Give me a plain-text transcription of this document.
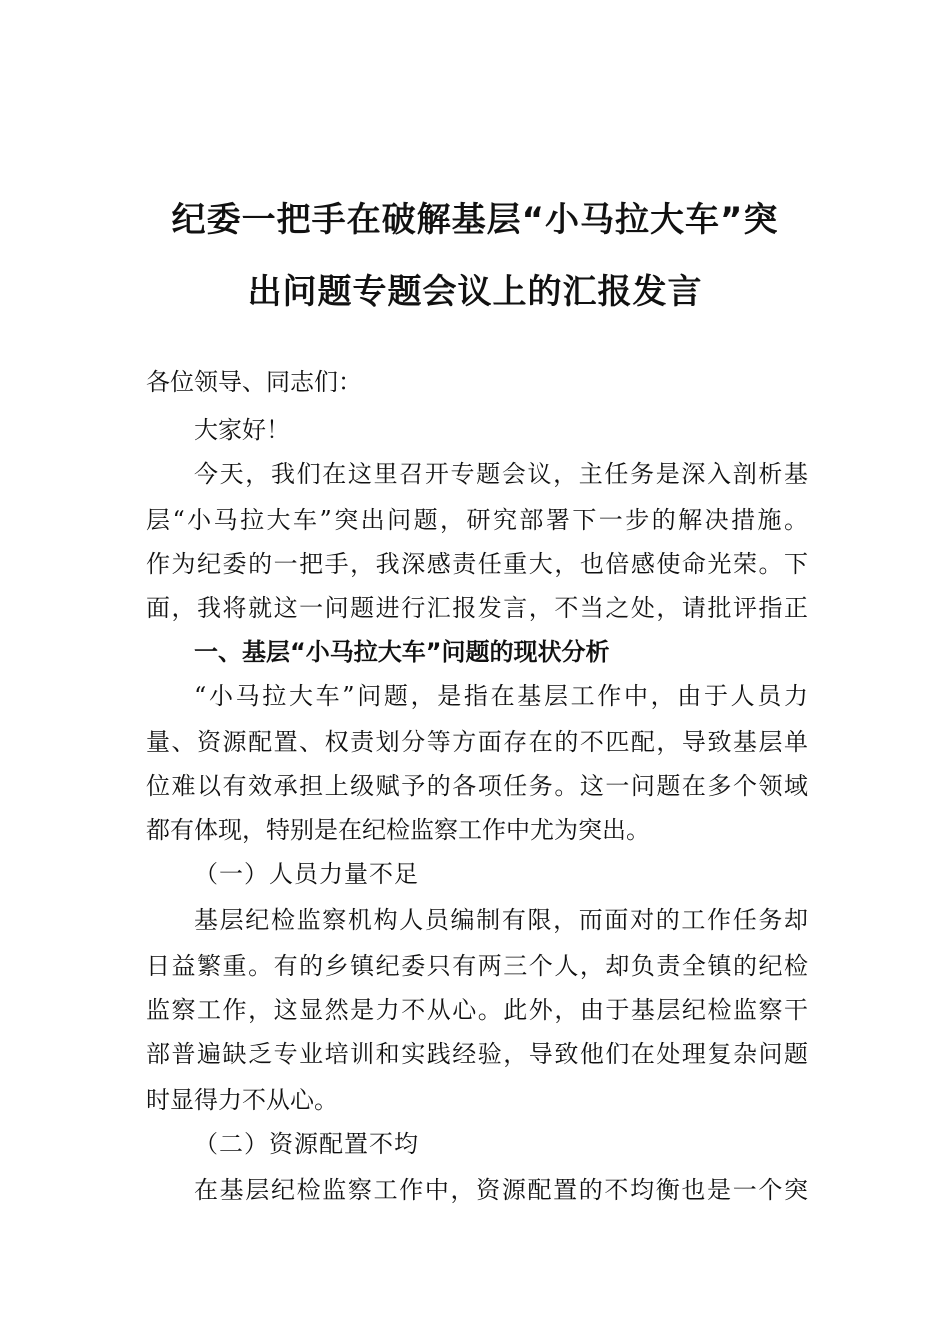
纪委一把手在破解基层“小马拉大车”突
出问题专题会议上的汇报发言
各位领导、同志们：
大家好！
今天，我们在这里召开专题会议，主任务是深入剖析基
层“小马拉大车”突出问题，研究部署下一步的解决措施。
作为纪委的一把手，我深感责任重大，也倍感使命光荣。下
面，我将就这一问题进行汇报发言，不当之处，请批评指正
一、基层“小马拉大车”问题的现状分析
“小马拉大车”问题，是指在基层工作中，由于人员力
量、资源配置、权责划分等方面存在的不匹配，导致基层单
位难以有效承担上级赋予的各项任务。这一问题在多个领域
都有体现，特别是在纪检监察工作中尤为突出。
（一）人员力量不足
基层纪检监察机构人员编制有限，而面对的工作任务却
日益繁重。有的乡镇纪委只有两三个人，却负责全镇的纪检
监察工作，这显然是力不从心。此外，由于基层纪检监察干
部普遍缺乏专业培训和实践经验，导致他们在处理复杂问题
时显得力不从心。
（二）资源配置不均
在基层纪检监察工作中，资源配置的不均衡也是一个突
